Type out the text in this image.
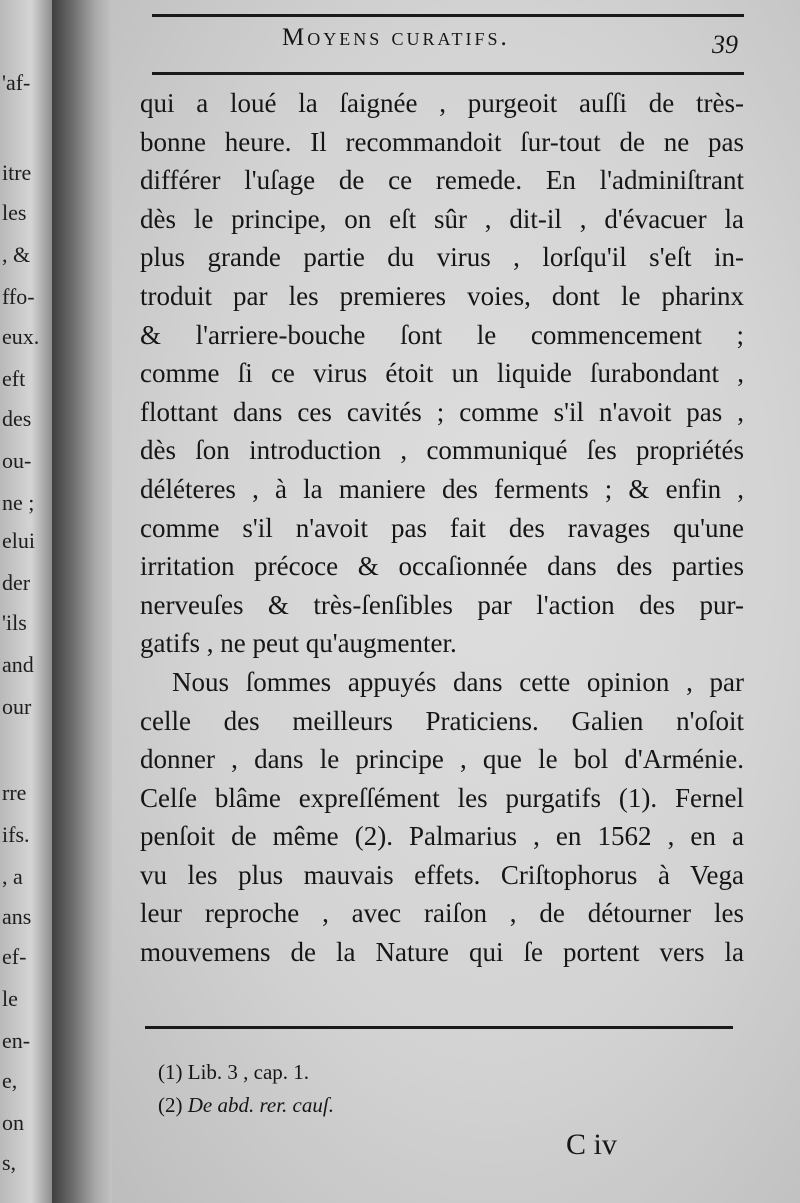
'af-
itre
les
, &
ffo-
eux.
eft
des
ou-
ne ;
elui
der
'ils
and
our
rre
ifs.
, a
ans
ef-
le
en-
e,
on
s,
Moyens curatifs.	39
qui a loué la ſaignée , purgeoit auſſi de très-
bonne heure. Il recommandoit ſur-tout de ne pas
différer l'uſage de ce remede. En l'adminiſtrant
dès le principe, on eſt sûr , dit-il , d'évacuer la
plus grande partie du virus , lorſqu'il s'eſt in-
troduit par les premieres voies, dont le pharinx
& l'arriere-bouche ſont le commencement ;
comme ſi ce virus étoit un liquide ſurabondant ,
flottant dans ces cavités ; comme s'il n'avoit pas ,
dès ſon introduction , communiqué ſes propriétés
déléteres , à la maniere des ferments ; & enfin ,
comme s'il n'avoit pas fait des ravages qu'une
irritation précoce & occaſionnée dans des parties
nerveuſes & très-ſenſibles par l'action des pur-
gatifs , ne peut qu'augmenter.
Nous ſommes appuyés dans cette opinion , par
celle des meilleurs Praticiens. Galien n'oſoit
donner , dans le principe , que le bol d'Arménie.
Celſe blâme expreſſément les purgatifs (1). Fernel
penſoit de même (2). Palmarius , en 1562 , en a
vu les plus mauvais effets. Criſtophorus à Vega
leur reproche , avec raiſon , de détourner les
mouvemens de la Nature qui ſe portent vers la
(1) Lib. 3 , cap. 1.
(2) De abd. rer. cauſ.
C iv
